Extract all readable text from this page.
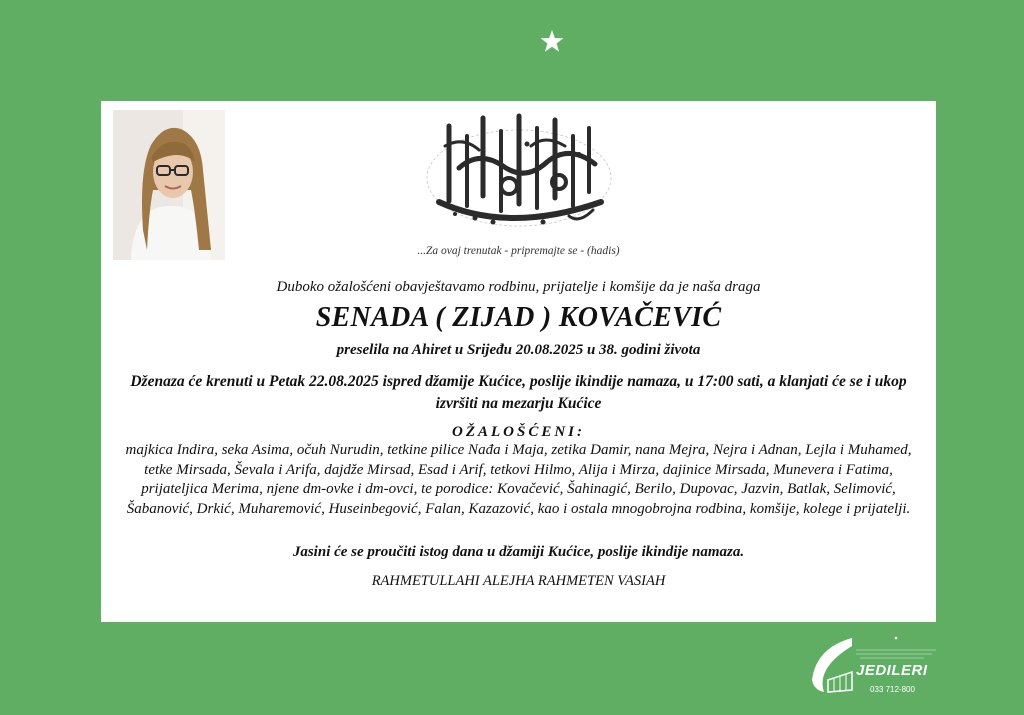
...Za ovaj trenutak - pripremajte se - (hadis)
Duboko ožalošćeni obavještavamo rodbinu, prijatelje i komšije da je naša draga
SENADA ( ZIJAD ) KOVAČEVIĆ
preselila na Ahiret u Srijeđu 20.08.2025 u 38. godini života
Dženaza će krenuti u Petak 22.08.2025 ispred džamije Kućice, poslije ikindije namaza, u 17:00 sati, a klanjati će se i ukop izvršiti na mezarju Kućice
OŽALOŠĆENI:
majkica Indira, seka Asima, očuh Nurudin, tetkine pilice Nađa i Maja, zetika Damir, nana Mejra, Nejra i Adnan, Lejla i Muhamed, tetke Mirsada, Ševala i Arifa, dajdže Mirsad, Esad i Arif, tetkovi Hilmo, Alija i Mirza, dajinice Mirsada, Munevera i Fatima, prijateljica Merima, njene dm-ovke i dm-ovci, te porodice: Kovačević, Šahinagić, Berilo, Dupovac, Jazvin, Batlak, Selimović, Šabanović, Drkić, Muharemović, Huseinbegović, Falan, Kazazović, kao i ostala mnogobrojna rodbina, komšije, kolege i prijatelji.
Jasini će se proučiti istog dana u džamiji Kućice, poslije ikindije namaza.
RAHMETULLAHI ALEJHA RAHMETEN VASIAH
JEDILERI
033 712-800
